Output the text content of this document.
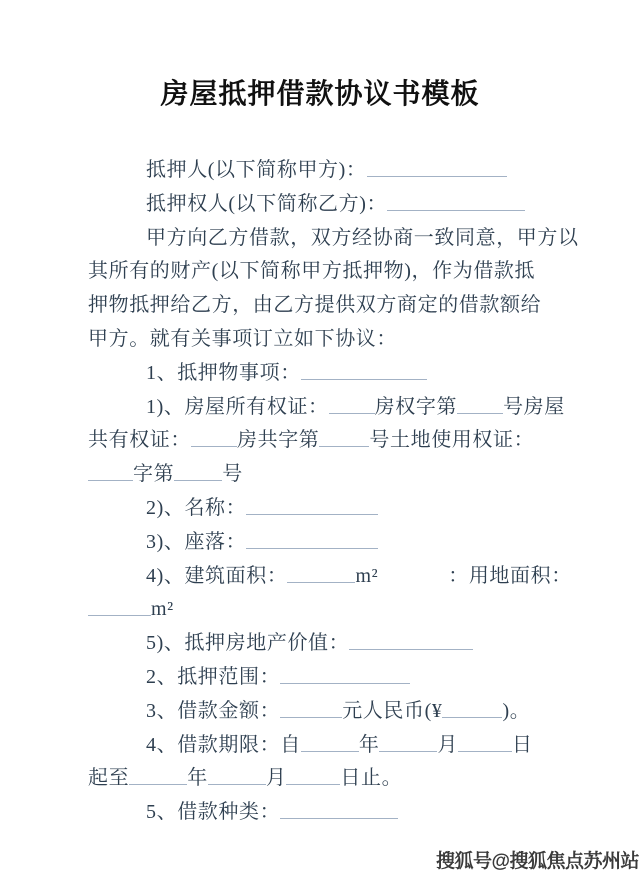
房屋抵押借款协议书模板
抵押人(以下简称甲方)：
抵押权人(以下简称乙方)：
甲方向乙方借款，双方经协商一致同意，甲方以
其所有的财产(以下简称甲方抵押物)，作为借款抵
押物抵押给乙方，由乙方提供双方商定的借款额给
甲方。就有关事项订立如下协议：
1、抵押物事项：
1)、房屋所有权证： 房权字第 号房屋
共有权证： 房共字第	号土地使用权证：
字第 号
2)、名称：
3)、座落：
4)、建筑面积：	m²	：用地面积：
m²
5)、抵押房地产价值：
2、抵押范围：
3、借款金额：	元人民币(¥	)。
4、借款期限：自	年	月	日
起至	年	月	日止。
5、借款种类：
搜狐号@搜狐焦点苏州站
